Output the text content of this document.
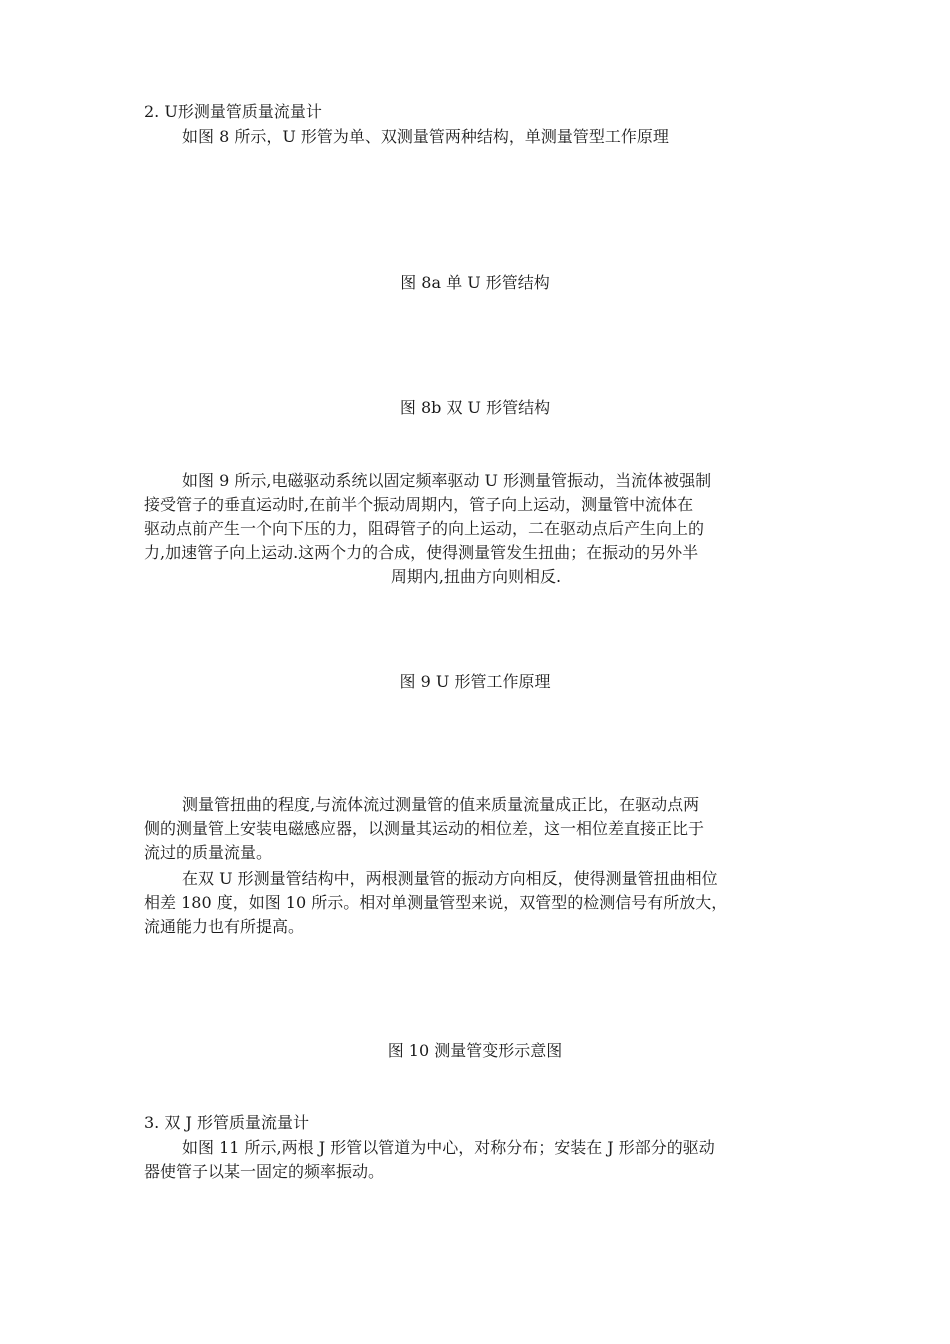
2. U形测量管质量流量计
如图 8 所示，U 形管为单、双测量管两种结构，单测量管型工作原理
图 8a 单 U 形管结构
图 8b 双 U 形管结构
如图 9 所示,电磁驱动系统以固定频率驱动 U 形测量管振动，当流体被强制
接受管子的垂直运动时,在前半个振动周期内，管子向上运动，测量管中流体在
驱动点前产生一个向下压的力，阻碍管子的向上运动，二在驱动点后产生向上的
力,加速管子向上运动.这两个力的合成，使得测量管发生扭曲；在振动的另外半
周期内,扭曲方向则相反.
图 9 U 形管工作原理
测量管扭曲的程度,与流体流过测量管的值来质量流量成正比，在驱动点两
侧的测量管上安装电磁感应器，以测量其运动的相位差，这一相位差直接正比于
流过的质量流量。
在双 U 形测量管结构中，两根测量管的振动方向相反，使得测量管扭曲相位
相差 180 度，如图 10 所示。相对单测量管型来说，双管型的检测信号有所放大，
流通能力也有所提高。
图 10 测量管变形示意图
3. 双 J 形管质量流量计
如图 11 所示,两根 J 形管以管道为中心，对称分布；安装在 J 形部分的驱动
器使管子以某一固定的频率振动。
